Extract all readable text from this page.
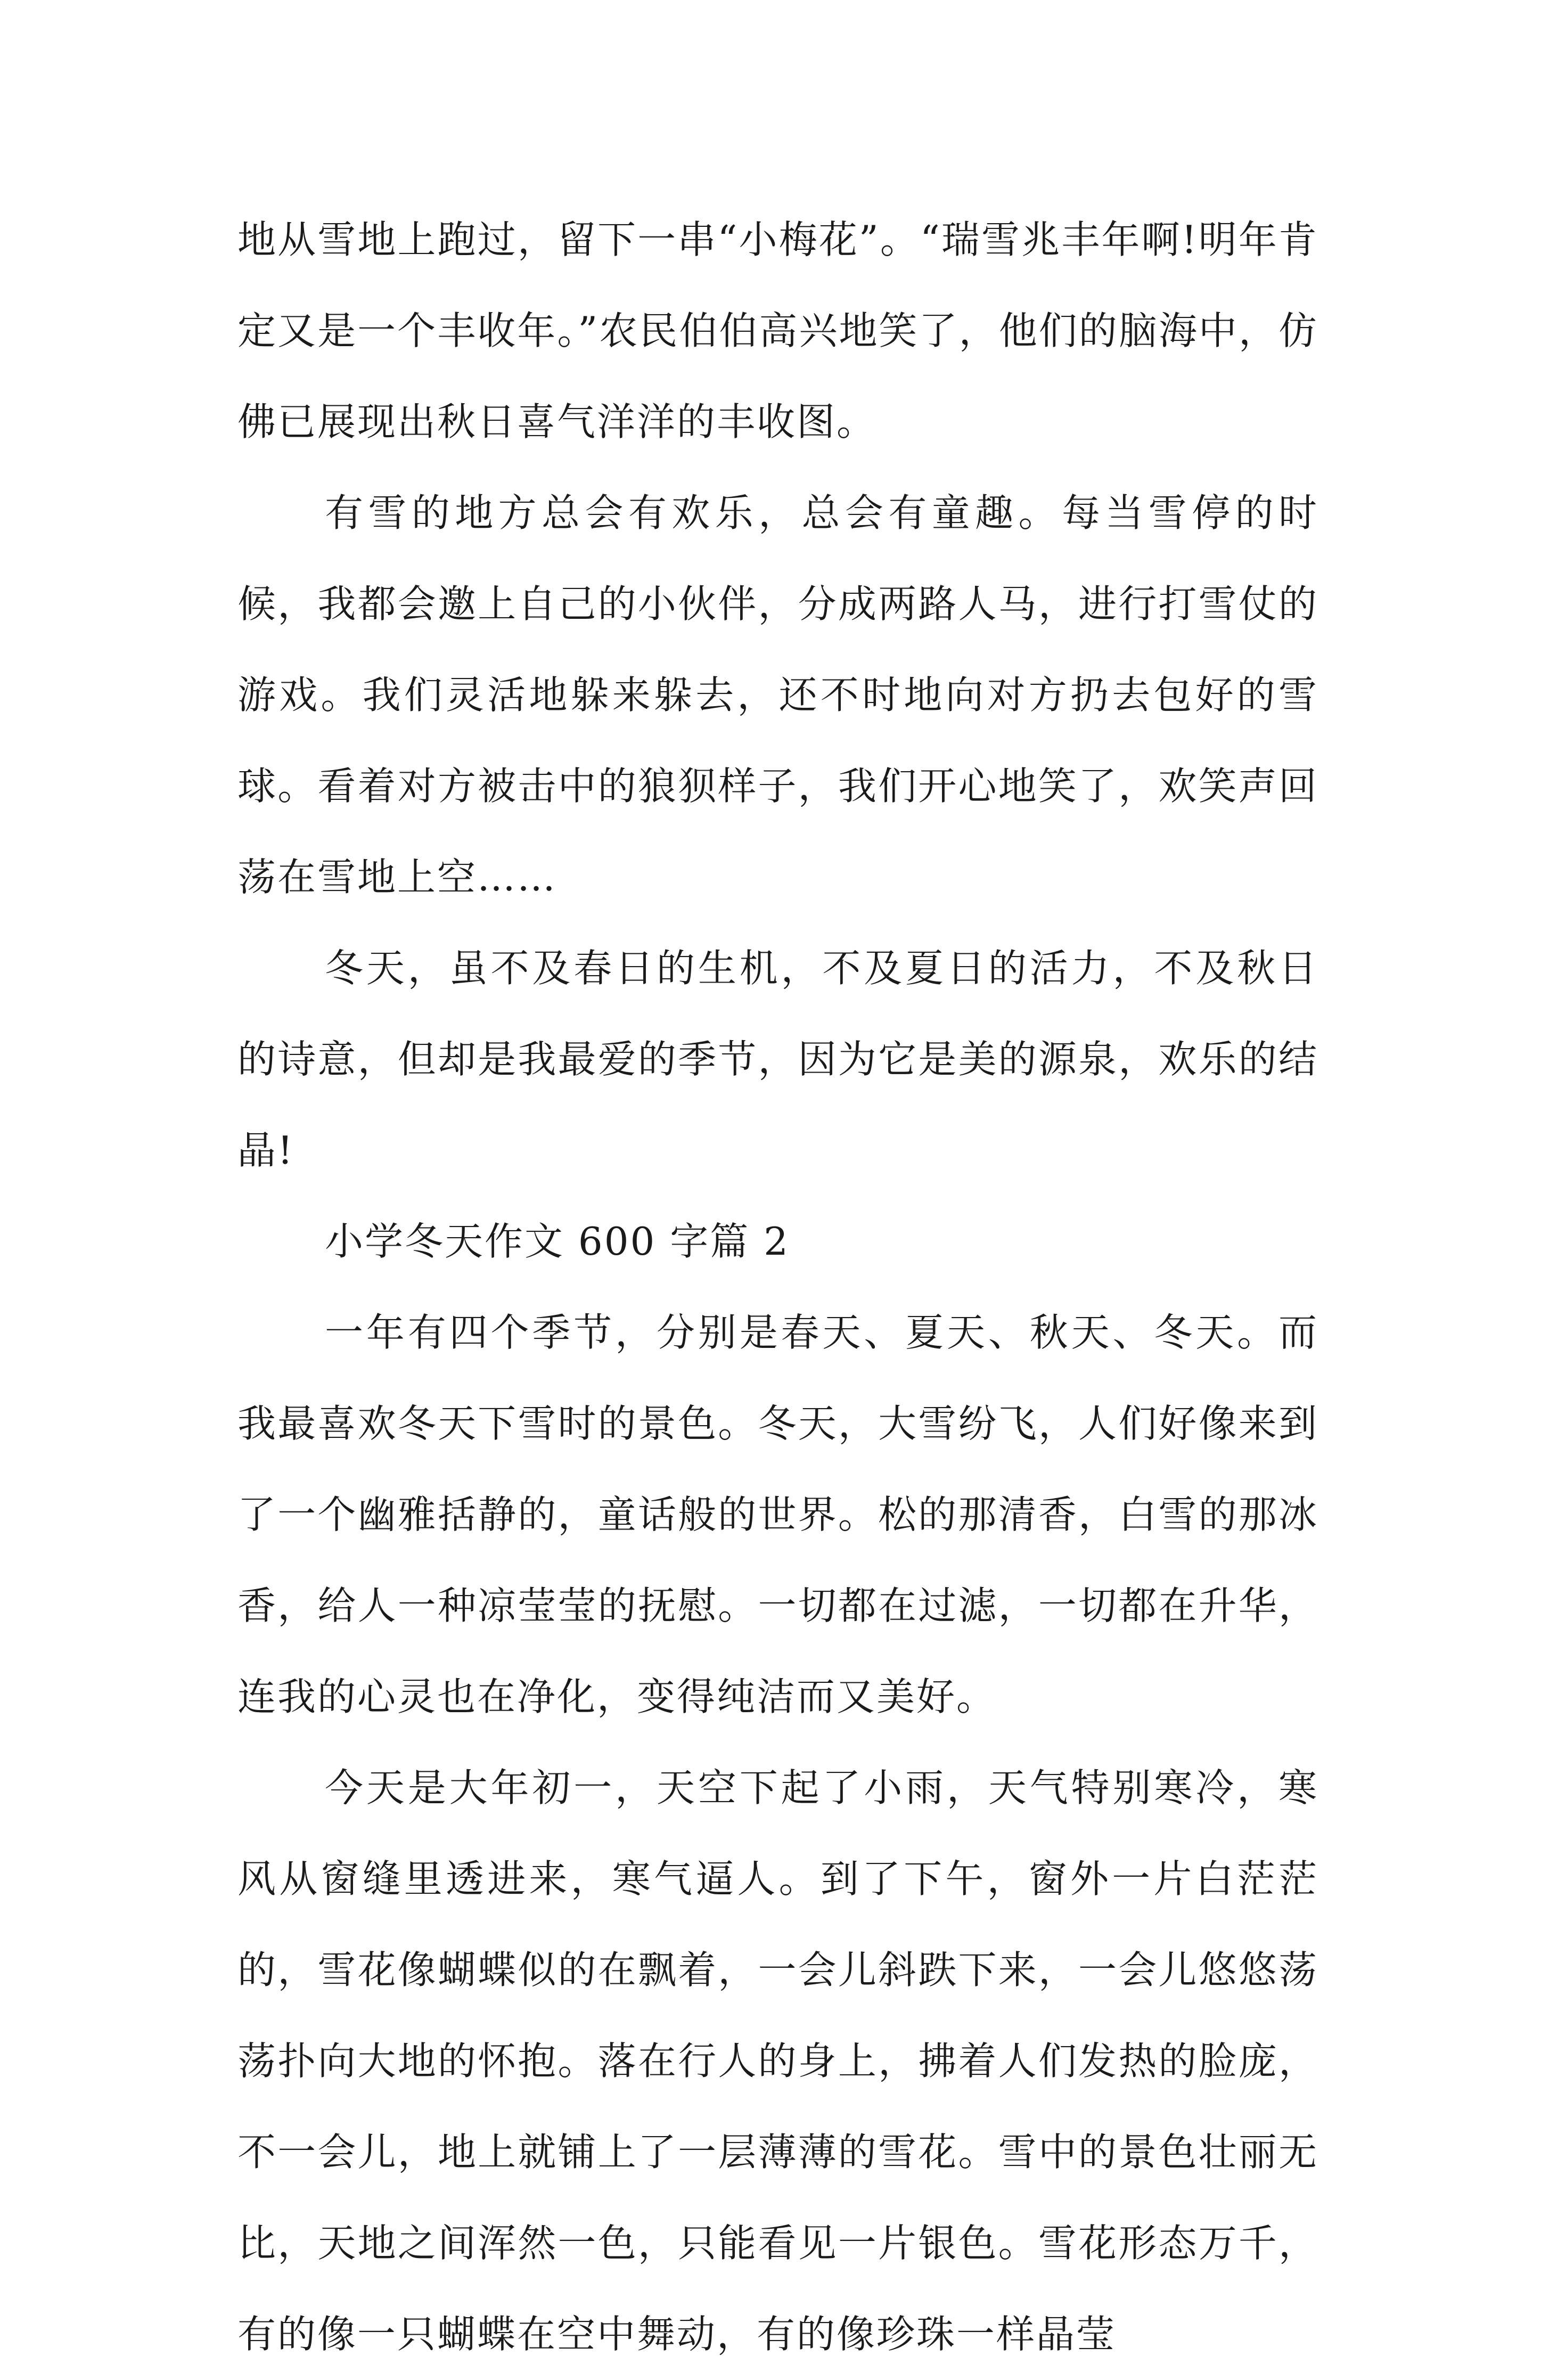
地从雪地上跑过，留下一串“小梅花”。“瑞雪兆丰年啊!明年肯定又是一个丰收年。”农民伯伯高兴地笑了，他们的脑海中，仿佛已展现出秋日喜气洋洋的丰收图。

有雪的地方总会有欢乐，总会有童趣。每当雪停的时候，我都会邀上自己的小伙伴，分成两路人马，进行打雪仗的游戏。我们灵活地躲来躲去，还不时地向对方扔去包好的雪球。看着对方被击中的狼狈样子，我们开心地笑了，欢笑声回荡在雪地上空……

冬天，虽不及春日的生机，不及夏日的活力，不及秋日的诗意，但却是我最爱的季节，因为它是美的源泉，欢乐的结晶!

小学冬天作文 600 字篇 2

一年有四个季节，分别是春天、夏天、秋天、冬天。而我最喜欢冬天下雪时的景色。冬天，大雪纷飞，人们好像来到了一个幽雅括静的，童话般的世界。松的那清香，白雪的那冰香，给人一种凉莹莹的抚慰。一切都在过滤，一切都在升华，连我的心灵也在净化，变得纯洁而又美好。

今天是大年初一，天空下起了小雨，天气特别寒冷，寒风从窗缝里透进来，寒气逼人。到了下午，窗外一片白茫茫的，雪花像蝴蝶似的在飘着，一会儿斜跌下来，一会儿悠悠荡荡扑向大地的怀抱。落在行人的身上，拂着人们发热的脸庞，不一会儿，地上就铺上了一层薄薄的雪花。雪中的景色壮丽无比，天地之间浑然一色，只能看见一片银色。雪花形态万千，有的像一只蝴蝶在空中舞动，有的像珍珠一样晶莹
